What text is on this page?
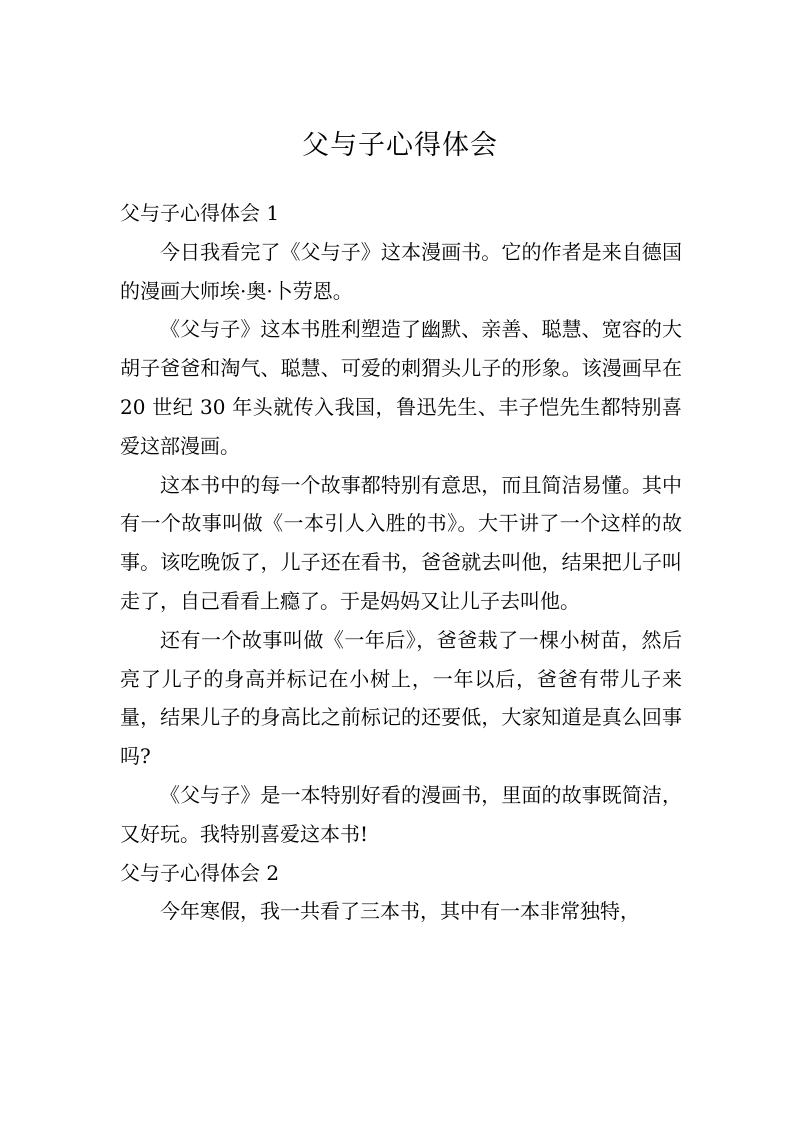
父与子心得体会
父与子心得体会 1

今日我看完了《父与子》这本漫画书。它的作者是来自德国的漫画大师埃·奥·卜劳恩。

《父与子》这本书胜利塑造了幽默、亲善、聪慧、宽容的大胡子爸爸和淘气、聪慧、可爱的刺猬头儿子的形象。该漫画早在 20 世纪 30 年头就传入我国，鲁迅先生、丰子恺先生都特别喜爱这部漫画。

这本书中的每一个故事都特别有意思，而且简洁易懂。其中有一个故事叫做《一本引人入胜的书》。大干讲了一个这样的故事。该吃晚饭了，儿子还在看书，爸爸就去叫他，结果把儿子叫走了，自己看看上瘾了。于是妈妈又让儿子去叫他。

还有一个故事叫做《一年后》，爸爸栽了一棵小树苗，然后亮了儿子的身高并标记在小树上，一年以后，爸爸有带儿子来量，结果儿子的身高比之前标记的还要低，大家知道是真么回事吗?

《父与子》是一本特别好看的漫画书，里面的故事既简洁，又好玩。我特别喜爱这本书!

父与子心得体会 2

今年寒假，我一共看了三本书，其中有一本非常独特，
